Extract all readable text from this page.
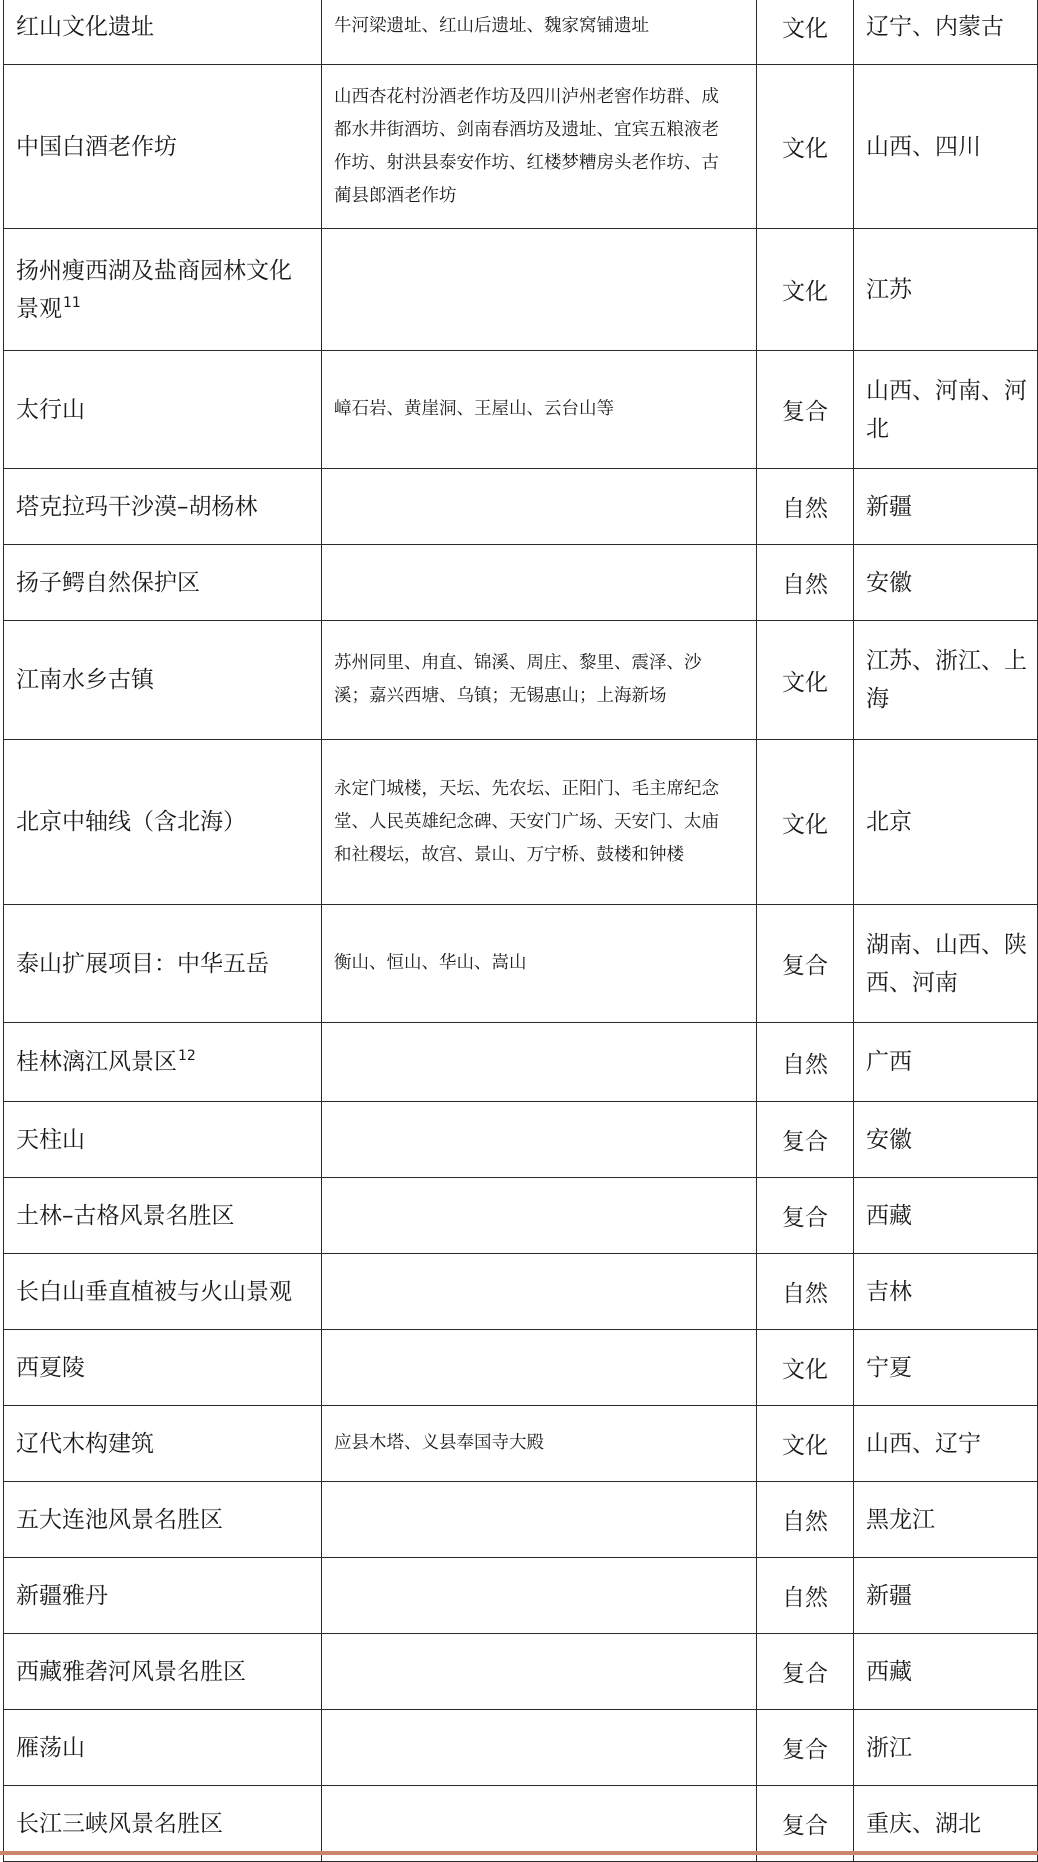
红山文化遗址	牛河梁遗址、红山后遗址、魏家窝铺遗址	文化	辽宁、内蒙古
中国白酒老作坊	山西杏花村汾酒老作坊及四川泸州老窖作坊群、成都水井街酒坊、剑南春酒坊及遗址、宜宾五粮液老作坊、射洪县泰安作坊、红楼梦糟房头老作坊、古蔺县郎酒老作坊	文化	山西、四川
扬州瘦西湖及盐商园林文化景观$^{11}$		文化	江苏
太行山	嶂石岩、黄崖洞、王屋山、云台山等	复合	山西、河南、河北
塔克拉玛干沙漠–胡杨林		自然	新疆
扬子鳄自然保护区		自然	安徽
江南水乡古镇	苏州同里、甪直、锦溪、周庄、黎里、震泽、沙溪；嘉兴西塘、乌镇；无锡惠山；上海新场	文化	江苏、浙江、上海
北京中轴线（含北海）	永定门城楼，天坛、先农坛、正阳门、毛主席纪念堂、人民英雄纪念碑、天安门广场、天安门、太庙和社稷坛，故宫、景山、万宁桥、鼓楼和钟楼	文化	北京
泰山扩展项目：中华五岳	衡山、恒山、华山、嵩山	复合	湖南、山西、陕西、河南
桂林漓江风景区$^{12}$		自然	广西
天柱山		复合	安徽
土林–古格风景名胜区		复合	西藏
长白山垂直植被与火山景观		自然	吉林
西夏陵		文化	宁夏
辽代木构建筑	应县木塔、义县奉国寺大殿	文化	山西、辽宁
五大连池风景名胜区		自然	黑龙江
新疆雅丹		自然	新疆
西藏雅砻河风景名胜区		复合	西藏
雁荡山		复合	浙江
长江三峡风景名胜区		复合	重庆、湖北
